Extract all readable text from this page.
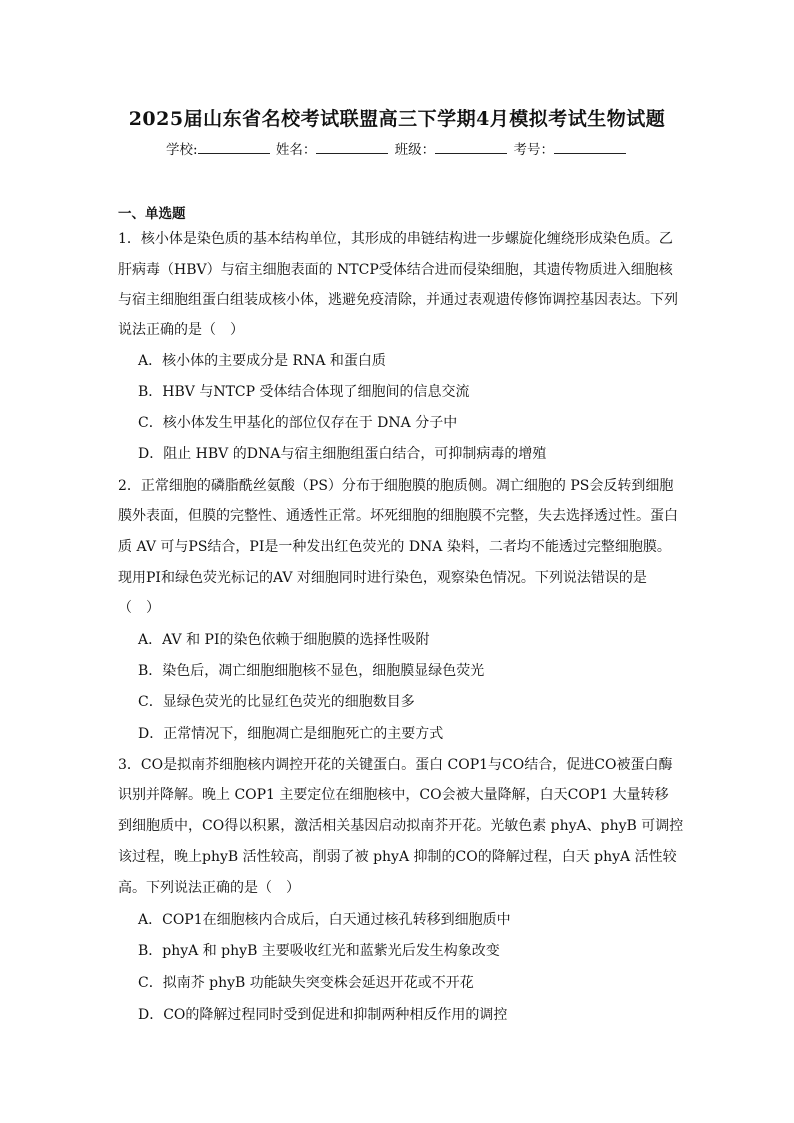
2025届山东省名校考试联盟高三下学期4月模拟考试生物试题
学校:	姓名：	班级：	考号：
一、单选题
1．核小体是染色质的基本结构单位，其形成的串链结构进一步螺旋化缠绕形成染色质。乙
肝病毒（HBV）与宿主细胞表面的 NTCP受体结合进而侵染细胞，其遗传物质进入细胞核
与宿主细胞组蛋白组装成核小体，逃避免疫清除，并通过表观遗传修饰调控基因表达。下列
说法正确的是（　）
A．核小体的主要成分是 RNA 和蛋白质
B．HBV 与NTCP 受体结合体现了细胞间的信息交流
C．核小体发生甲基化的部位仅存在于 DNA 分子中
D．阻止 HBV 的DNA与宿主细胞组蛋白结合，可抑制病毒的增殖
2．正常细胞的磷脂酰丝氨酸（PS）分布于细胞膜的胞质侧。凋亡细胞的 PS会反转到细胞
膜外表面，但膜的完整性、通透性正常。坏死细胞的细胞膜不完整，失去选择透过性。蛋白
质 AV 可与PS结合，PI是一种发出红色荧光的 DNA 染料，二者均不能透过完整细胞膜。
现用PI和绿色荧光标记的AV 对细胞同时进行染色，观察染色情况。下列说法错误的是
（　）
A．AV 和 PI的染色依赖于细胞膜的选择性吸附
B．染色后，凋亡细胞细胞核不显色，细胞膜显绿色荧光
C．显绿色荧光的比显红色荧光的细胞数目多
D．正常情况下，细胞凋亡是细胞死亡的主要方式
3．CO是拟南芥细胞核内调控开花的关键蛋白。蛋白 COP1与CO结合，促进CO被蛋白酶
识别并降解。晚上 COP1 主要定位在细胞核中，CO会被大量降解，白天COP1 大量转移
到细胞质中，CO得以积累，激活相关基因启动拟南芥开花。光敏色素 phyA、phyB 可调控
该过程，晚上phyB 活性较高，削弱了被 phyA 抑制的CO的降解过程，白天 phyA 活性较
高。下列说法正确的是（　）
A．COP1在细胞核内合成后，白天通过核孔转移到细胞质中
B．phyA 和 phyB 主要吸收红光和蓝紫光后发生构象改变
C．拟南芥 phyB 功能缺失突变株会延迟开花或不开花
D．CO的降解过程同时受到促进和抑制两种相反作用的调控
